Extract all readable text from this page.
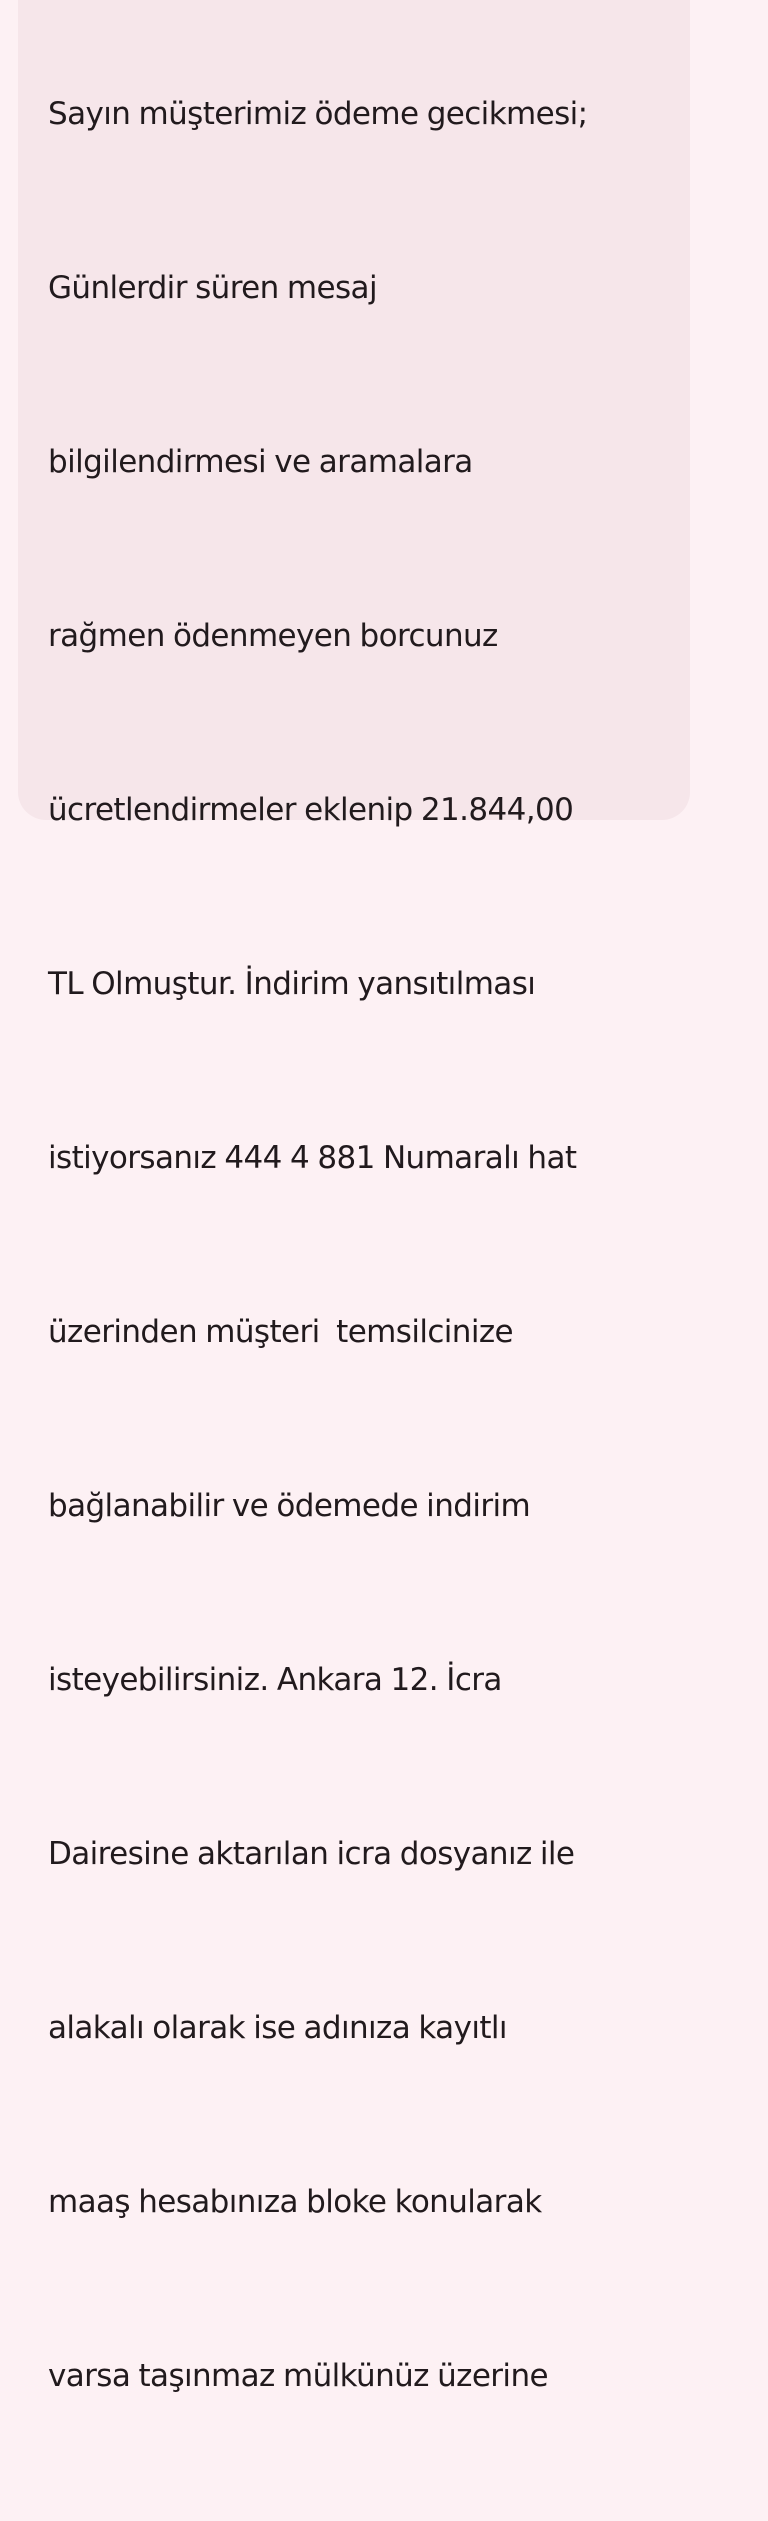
Sayın müşterimiz ödeme gecikmesi;

Günlerdir süren mesaj

bilgilendirmesi ve aramalara

rağmen ödenmeyen borcunuz

ücretlendirmeler eklenip 21.844,00

TL Olmuştur. İndirim yansıtılması

istiyorsanız 444 4 881 Numaralı hat

üzerinden müşteri  temsilcinize

bağlanabilir ve ödemede indirim

isteyebilirsiniz. Ankara 12. İcra

Dairesine aktarılan icra dosyanız ile

alakalı olarak ise adınıza kayıtlı

maaş hesabınıza bloke konularak

varsa taşınmaz mülkünüz üzerine
